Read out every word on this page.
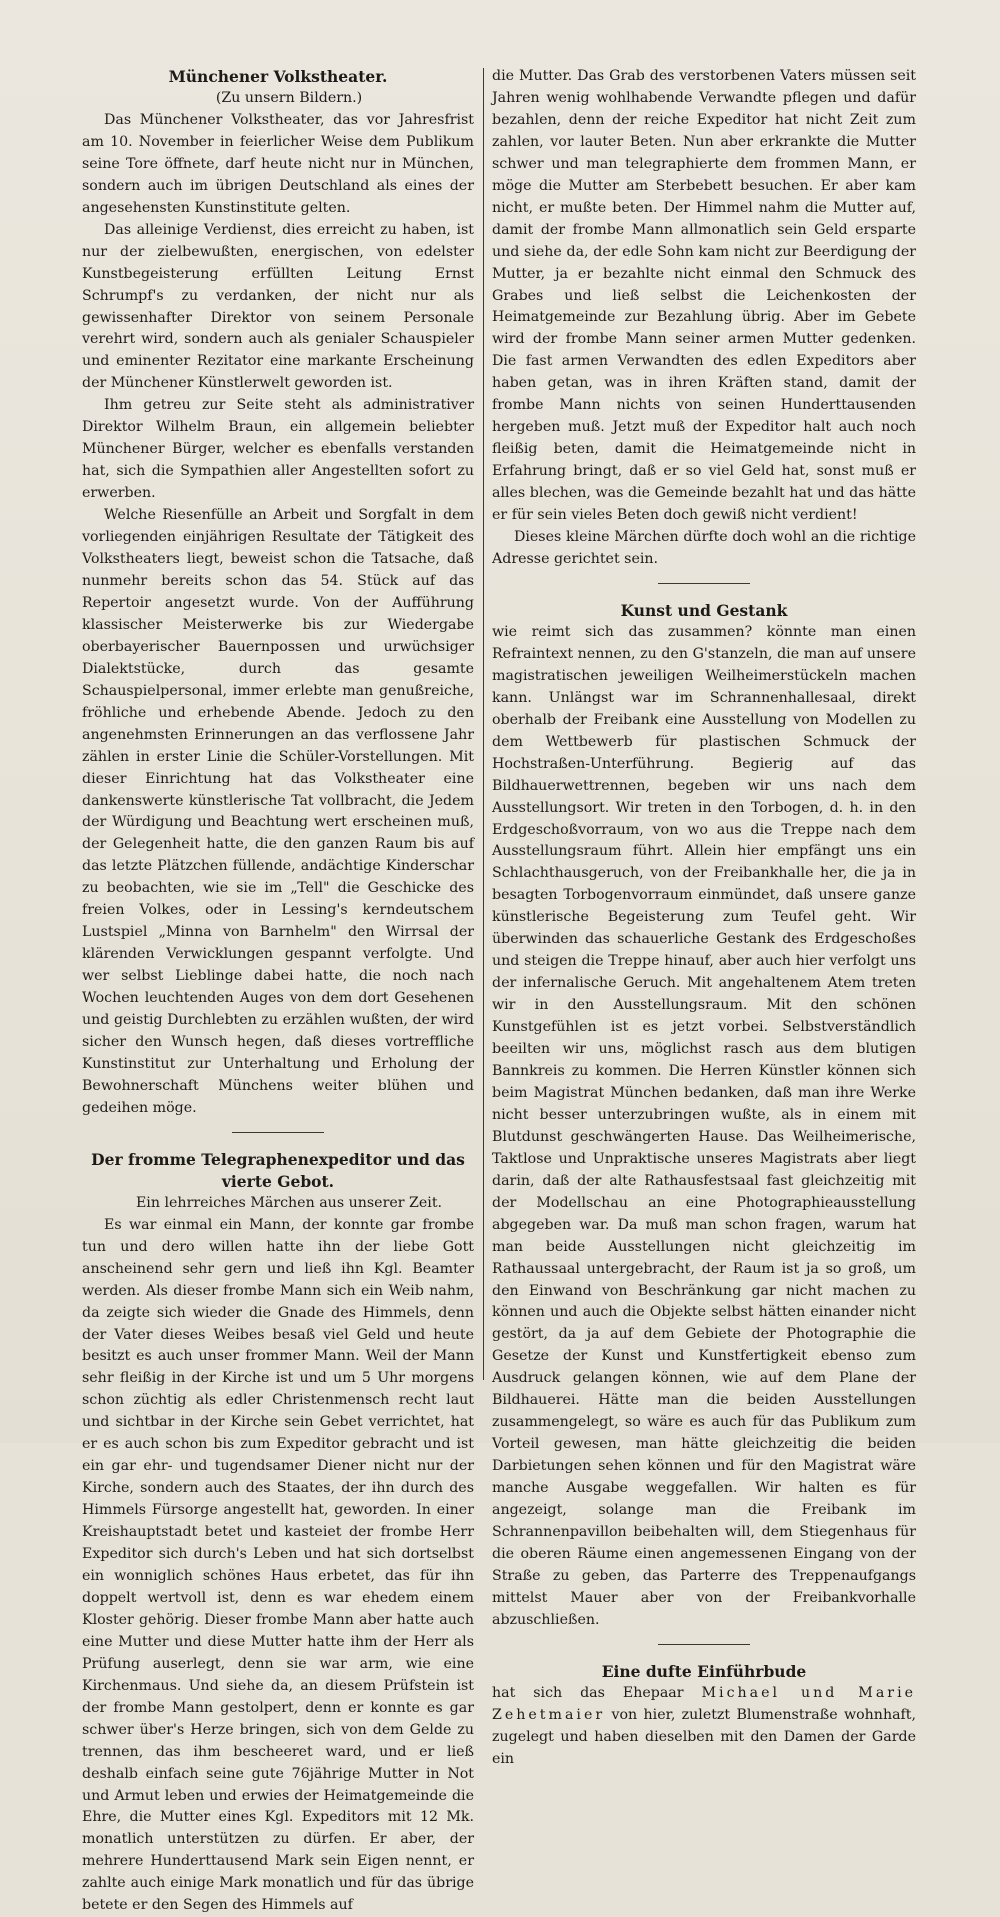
Münchener Volkstheater.

(Zu unsern Bildern.)

Das Münchener Volkstheater, das vor Jahresfrist am 10. November in feierlicher Weise dem Publikum seine Tore öffnete, darf heute nicht nur in München, sondern auch im übrigen Deutschland als eines der angesehensten Kunstinstitute gelten.

Das alleinige Verdienst, dies erreicht zu haben, ist nur der zielbewußten, energischen, von edelster Kunstbegeisterung erfüllten Leitung Ernst Schrumpf's zu verdanken, der nicht nur als gewissenhafter Direktor von seinem Personale verehrt wird, sondern auch als genialer Schauspieler und eminenter Rezitator eine markante Erscheinung der Münchener Künstlerwelt geworden ist.

Ihm getreu zur Seite steht als administrativer Direktor Wilhelm Braun, ein allgemein beliebter Münchener Bürger, welcher es ebenfalls verstanden hat, sich die Sympathien aller Angestellten sofort zu erwerben.

Welche Riesenfülle an Arbeit und Sorgfalt in dem vorliegenden einjährigen Resultate der Tätigkeit des Volkstheaters liegt, beweist schon die Tatsache, daß nunmehr bereits schon das 54. Stück auf das Repertoir angesetzt wurde. Von der Aufführung klassischer Meisterwerke bis zur Wiedergabe oberbayerischer Bauernpossen und urwüchsiger Dialektstücke, durch das gesamte Schauspielpersonal, immer erlebte man genußreiche, fröhliche und erhebende Abende. Jedoch zu den angenehmsten Erinnerungen an das verflossene Jahr zählen in erster Linie die Schüler-Vorstellungen. Mit dieser Einrichtung hat das Volkstheater eine dankenswerte künstlerische Tat vollbracht, die Jedem der Würdigung und Beachtung wert erscheinen muß, der Gelegenheit hatte, die den ganzen Raum bis auf das letzte Plätzchen füllende, andächtige Kinderschar zu beobachten, wie sie im „Tell" die Geschicke des freien Volkes, oder in Lessing's kerndeutschem Lustspiel „Minna von Barnhelm" den Wirrsal der klärenden Verwicklungen gespannt verfolgte. Und wer selbst Lieblinge dabei hatte, die noch nach Wochen leuchtenden Auges von dem dort Gesehenen und geistig Durchlebten zu erzählen wußten, der wird sicher den Wunsch hegen, daß dieses vortreffliche Kunstinstitut zur Unterhaltung und Erholung der Bewohnerschaft Münchens weiter blühen und gedeihen möge.

Der fromme Telegraphenexpeditor und das vierte Gebot.

Ein lehrreiches Märchen aus unserer Zeit.

Es war einmal ein Mann, der konnte gar frombe tun und dero willen hatte ihn der liebe Gott anscheinend sehr gern und ließ ihn Kgl. Beamter werden. Als dieser frombe Mann sich ein Weib nahm, da zeigte sich wieder die Gnade des Himmels, denn der Vater dieses Weibes besaß viel Geld und heute besitzt es auch unser frommer Mann. Weil der Mann sehr fleißig in der Kirche ist und um 5 Uhr morgens schon züchtig als edler Christenmensch recht laut und sichtbar in der Kirche sein Gebet verrichtet, hat er es auch schon bis zum Expeditor gebracht und ist ein gar ehr- und tugendsamer Diener nicht nur der Kirche, sondern auch des Staates, der ihn durch des Himmels Fürsorge angestellt hat, geworden. In einer Kreishauptstadt betet und kasteiet der frombe Herr Expeditor sich durch's Leben und hat sich dortselbst ein wonniglich schönes Haus erbetet, das für ihn doppelt wertvoll ist, denn es war ehedem einem Kloster gehörig. Dieser frombe Mann aber hatte auch eine Mutter und diese Mutter hatte ihm der Herr als Prüfung auserlegt, denn sie war arm, wie eine Kirchenmaus. Und siehe da, an diesem Prüfstein ist der frombe Mann gestolpert, denn er konnte es gar schwer über's Herze bringen, sich von dem Gelde zu trennen, das ihm bescheeret ward, und er ließ deshalb einfach seine gute 76jährige Mutter in Not und Armut leben und erwies der Heimatgemeinde die Ehre, die Mutter eines Kgl. Expeditors mit 12 Mk. monatlich unterstützen zu dürfen. Er aber, der mehrere Hunderttausend Mark sein Eigen nennt, er zahlte auch einige Mark monatlich und für das übrige betete er den Segen des Himmels auf

die Mutter. Das Grab des verstorbenen Vaters müssen seit Jahren wenig wohlhabende Verwandte pflegen und dafür bezahlen, denn der reiche Expeditor hat nicht Zeit zum zahlen, vor lauter Beten. Nun aber erkrankte die Mutter schwer und man telegraphierte dem frommen Mann, er möge die Mutter am Sterbebett besuchen. Er aber kam nicht, er mußte beten. Der Himmel nahm die Mutter auf, damit der frombe Mann allmonatlich sein Geld ersparte und siehe da, der edle Sohn kam nicht zur Beerdigung der Mutter, ja er bezahlte nicht einmal den Schmuck des Grabes und ließ selbst die Leichenkosten der Heimatgemeinde zur Bezahlung übrig. Aber im Gebete wird der frombe Mann seiner armen Mutter gedenken. Die fast armen Verwandten des edlen Expeditors aber haben getan, was in ihren Kräften stand, damit der frombe Mann nichts von seinen Hunderttausenden hergeben muß. Jetzt muß der Expeditor halt auch noch fleißig beten, damit die Heimatgemeinde nicht in Erfahrung bringt, daß er so viel Geld hat, sonst muß er alles blechen, was die Gemeinde bezahlt hat und das hätte er für sein vieles Beten doch gewiß nicht verdient!

Dieses kleine Märchen dürfte doch wohl an die richtige Adresse gerichtet sein.

Kunst und Gestank

wie reimt sich das zusammen? könnte man einen Refraintext nennen, zu den G'stanzeln, die man auf unsere magistratischen jeweiligen Weilheimerstückeln machen kann. Unlängst war im Schrannenhallesaal, direkt oberhalb der Freibank eine Ausstellung von Modellen zu dem Wettbewerb für plastischen Schmuck der Hochstraßen-Unterführung. Begierig auf das Bildhauerwettrennen, begeben wir uns nach dem Ausstellungsort. Wir treten in den Torbogen, d. h. in den Erdgeschoßvorraum, von wo aus die Treppe nach dem Ausstellungsraum führt. Allein hier empfängt uns ein Schlachthausgeruch, von der Freibankhalle her, die ja in besagten Torbogenvorraum einmündet, daß unsere ganze künstlerische Begeisterung zum Teufel geht. Wir überwinden das schauerliche Gestank des Erdgeschoßes und steigen die Treppe hinauf, aber auch hier verfolgt uns der infernalische Geruch. Mit angehaltenem Atem treten wir in den Ausstellungsraum. Mit den schönen Kunstgefühlen ist es jetzt vorbei. Selbstverständlich beeilten wir uns, möglichst rasch aus dem blutigen Bannkreis zu kommen. Die Herren Künstler können sich beim Magistrat München bedanken, daß man ihre Werke nicht besser unterzubringen wußte, als in einem mit Blutdunst geschwängerten Hause. Das Weilheimerische, Taktlose und Unpraktische unseres Magistrats aber liegt darin, daß der alte Rathausfestsaal fast gleichzeitig mit der Modellschau an eine Photographieausstellung abgegeben war. Da muß man schon fragen, warum hat man beide Ausstellungen nicht gleichzeitig im Rathaussaal untergebracht, der Raum ist ja so groß, um den Einwand von Beschränkung gar nicht machen zu können und auch die Objekte selbst hätten einander nicht gestört, da ja auf dem Gebiete der Photographie die Gesetze der Kunst und Kunstfertigkeit ebenso zum Ausdruck gelangen können, wie auf dem Plane der Bildhauerei. Hätte man die beiden Ausstellungen zusammengelegt, so wäre es auch für das Publikum zum Vorteil gewesen, man hätte gleichzeitig die beiden Darbietungen sehen können und für den Magistrat wäre manche Ausgabe weggefallen. Wir halten es für angezeigt, solange man die Freibank im Schrannenpavillon beibehalten will, dem Stiegenhaus für die oberen Räume einen angemessenen Eingang von der Straße zu geben, das Parterre des Treppenaufgangs mittelst Mauer aber von der Freibankvorhalle abzuschließen.

Eine dufte Einführbude

hat sich das Ehepaar Michael und Marie Zehetmaier von hier, zuletzt Blumenstraße wohnhaft, zugelegt und haben dieselben mit den Damen der Garde ein
